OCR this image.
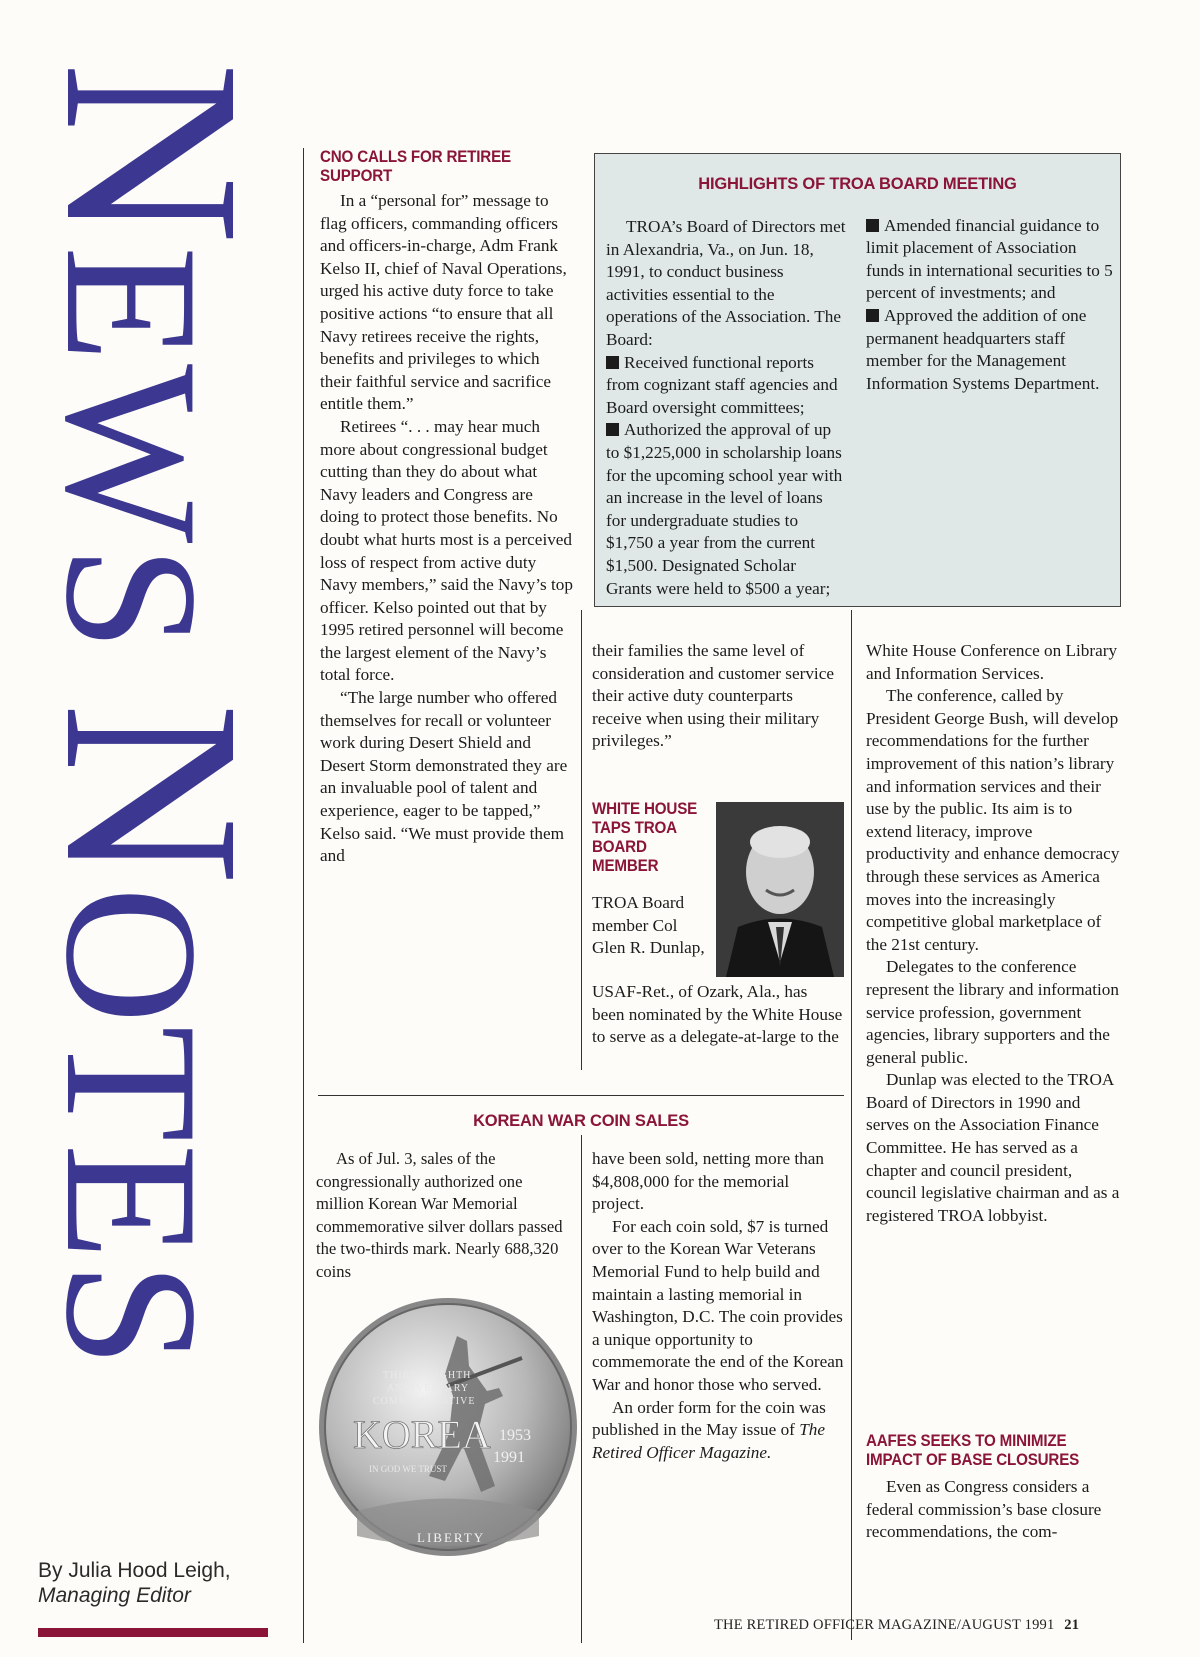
NEWS NOTES
By Julia Hood Leigh,
Managing Editor
CNO CALLS FOR RETIREE SUPPORT

In a “personal for” message to flag officers, commanding officers and officers-in-charge, Adm Frank Kelso II, chief of Naval Operations, urged his active duty force to take positive actions “to ensure that all Navy retirees receive the rights, benefits and privileges to which their faithful service and sacrifice entitle them.”

Retirees “. . . may hear much more about congressional budget cutting than they do about what Navy leaders and Congress are doing to protect those benefits. No doubt what hurts most is a perceived loss of respect from active duty Navy members,” said the Navy’s top officer. Kelso pointed out that by 1995 retired personnel will become the largest element of the Navy’s total force.

“The large number who offered themselves for recall or volunteer work during Desert Shield and Desert Storm demonstrated they are an invaluable pool of talent and experience, eager to be tapped,” Kelso said. “We must provide them and

their families the same level of consideration and customer service their active duty counterparts receive when using their military privileges.”

HIGHLIGHTS OF TROA BOARD MEETING

TROA’s Board of Directors met in Alexandria, Va., on Jun. 18, 1991, to conduct business activities essential to the operations of the Association. The Board:

Received functional reports from cognizant staff agencies and Board oversight committees;

Authorized the approval of up to $1,225,000 in scholarship loans for the upcoming school year with an increase in the level of loans for undergraduate studies to $1,750 a year from the current $1,500. Designated Scholar Grants were held to $500 a year;

Amended financial guidance to limit placement of Association funds in international securities to 5 percent of investments; and

Approved the addition of one permanent headquarters staff member for the Management Information Systems Department.

WHITE HOUSE TAPS TROA BOARD MEMBER

TROA Board member Col Glen R. Dunlap,

USAF-Ret., of Ozark, Ala., has been nominated by the White House to serve as a delegate-at-large to the

White House Conference on Library and Information Services.

The conference, called by President George Bush, will develop recommendations for the further improvement of this nation’s library and information services and their use by the public. Its aim is to extend literacy, improve productivity and enhance democracy through these services as America moves into the increasingly competitive global marketplace of the 21st century.

Delegates to the conference represent the library and information service profession, government agencies, library supporters and the general public.

Dunlap was elected to the TROA Board of Directors in 1990 and serves on the Association Finance Committee. He has served as a chapter and council president, council legislative chairman and as a registered TROA lobbyist.

AAFES SEEKS TO MINIMIZE IMPACT OF BASE CLOSURES

Even as Congress considers a federal commission’s base closure recommendations, the com-

KOREAN WAR COIN SALES

As of Jul. 3, sales of the congressionally authorized one million Korean War Memorial commemorative silver dollars passed the two-thirds mark. Nearly 688,320 coins

have been sold, netting more than $4,808,000 for the memorial project.

For each coin sold, $7 is turned over to the Korean War Veterans Memorial Fund to help build and maintain a lasting memorial in Washington, D.C. The coin provides a unique opportunity to commemorate the end of the Korean War and honor those who served.

An order form for the coin was published in the May issue of The Retired Officer Magazine.

THIRTY EIGHTH
ANNIVERSARY
COMMEMORATIVE
KOREA
IN GOD WE TRUST
1953
1991
LIBERTY
THE RETIRED OFFICER MAGAZINE/AUGUST 1991 21
